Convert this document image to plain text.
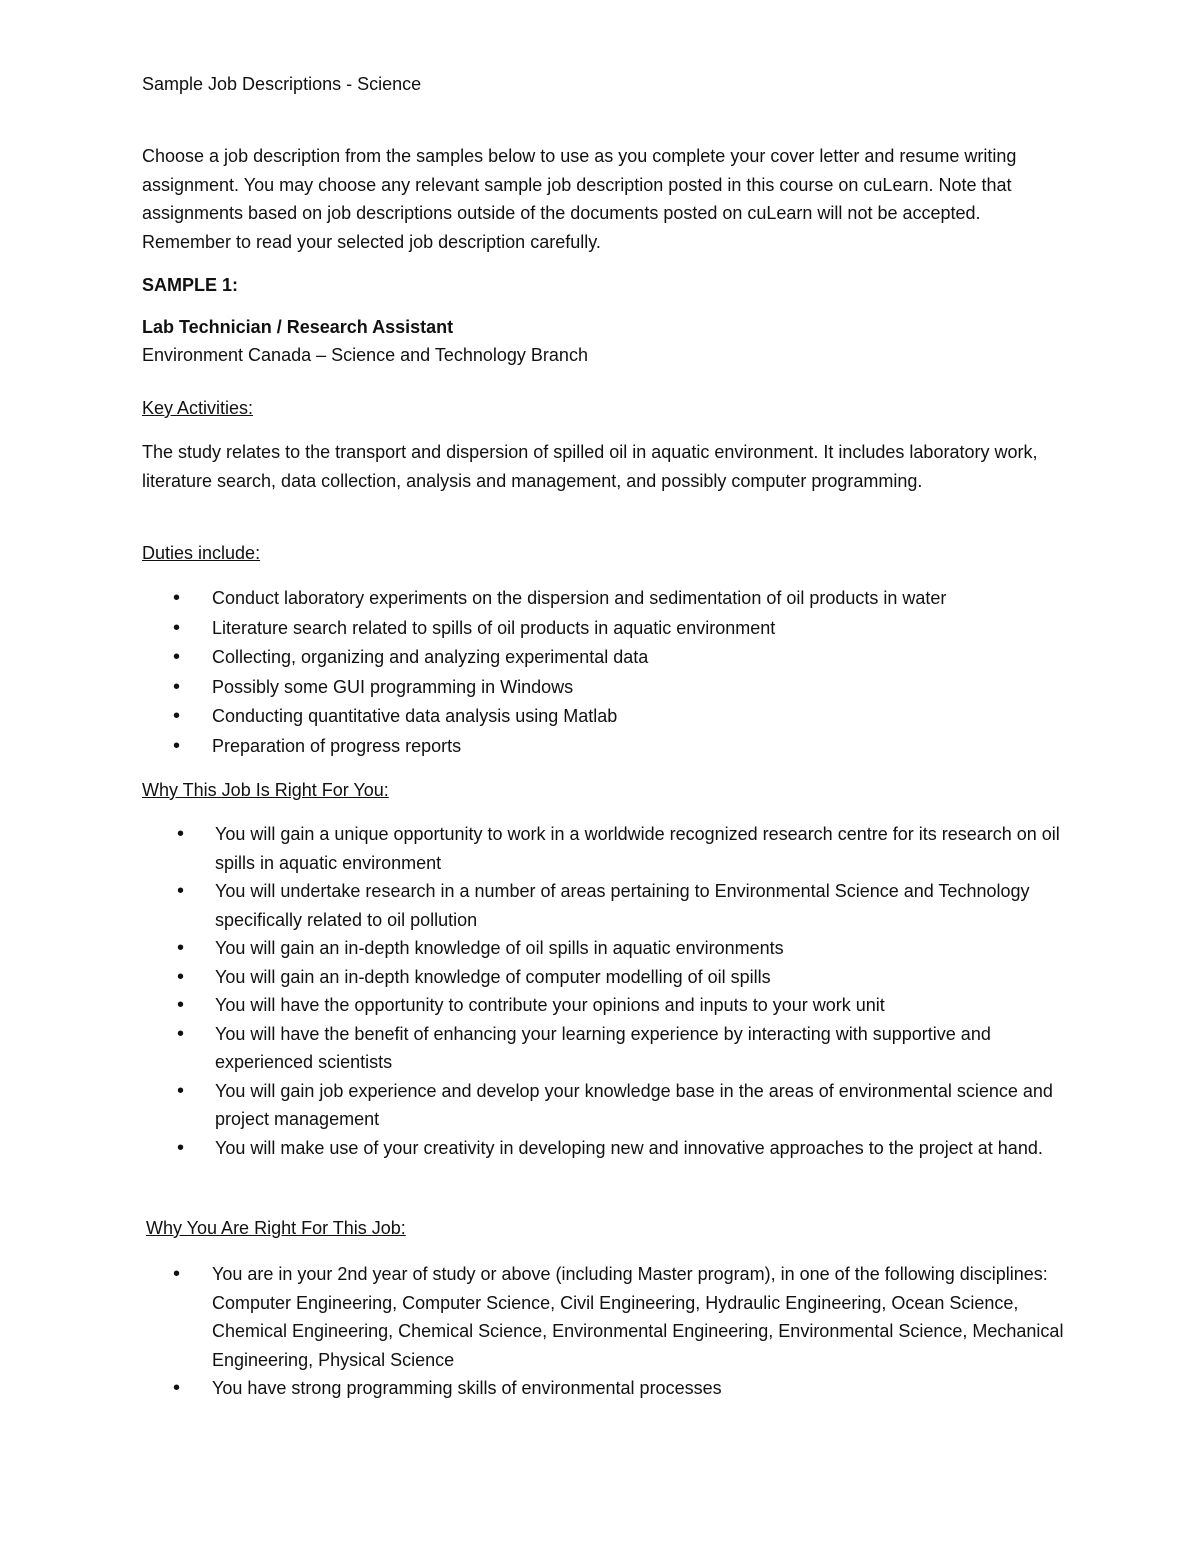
Sample Job Descriptions - Science

Choose a job description from the samples below to use as you complete your cover letter and resume writing assignment. You may choose any relevant sample job description posted in this course on cuLearn. Note that assignments based on job descriptions outside of the documents posted on cuLearn will not be accepted. Remember to read your selected job description carefully.

SAMPLE 1:
Lab Technician / Research Assistant

Environment Canada – Science and Technology Branch

Key Activities:

The study relates to the transport and dispersion of spilled oil in aquatic environment. It includes laboratory work, literature search, data collection, analysis and management, and possibly computer programming.

Duties include:
• Conduct laboratory experiments on the dispersion and sedimentation of oil products in water
• Literature search related to spills of oil products in aquatic environment
• Collecting, organizing and analyzing experimental data
• Possibly some GUI programming in Windows
• Conducting quantitative data analysis using Matlab
• Preparation of progress reports
Why This Job Is Right For You:
• You will gain a unique opportunity to work in a worldwide recognized research centre for its research on oil spills in aquatic environment
• You will undertake research in a number of areas pertaining to Environmental Science and Technology specifically related to oil pollution
• You will gain an in-depth knowledge of oil spills in aquatic environments
• You will gain an in-depth knowledge of computer modelling of oil spills
• You will have the opportunity to contribute your opinions and inputs to your work unit
• You will have the benefit of enhancing your learning experience by interacting with supportive and experienced scientists
• You will gain job experience and develop your knowledge base in the areas of environmental science and project management
• You will make use of your creativity in developing new and innovative approaches to the project at hand.
Why You Are Right For This Job:
• You are in your 2nd year of study or above (including Master program), in one of the following disciplines: Computer Engineering, Computer Science, Civil Engineering, Hydraulic Engineering, Ocean Science, Chemical Engineering, Chemical Science, Environmental Engineering, Environmental Science, Mechanical Engineering, Physical Science
• You have strong programming skills of environmental processes
